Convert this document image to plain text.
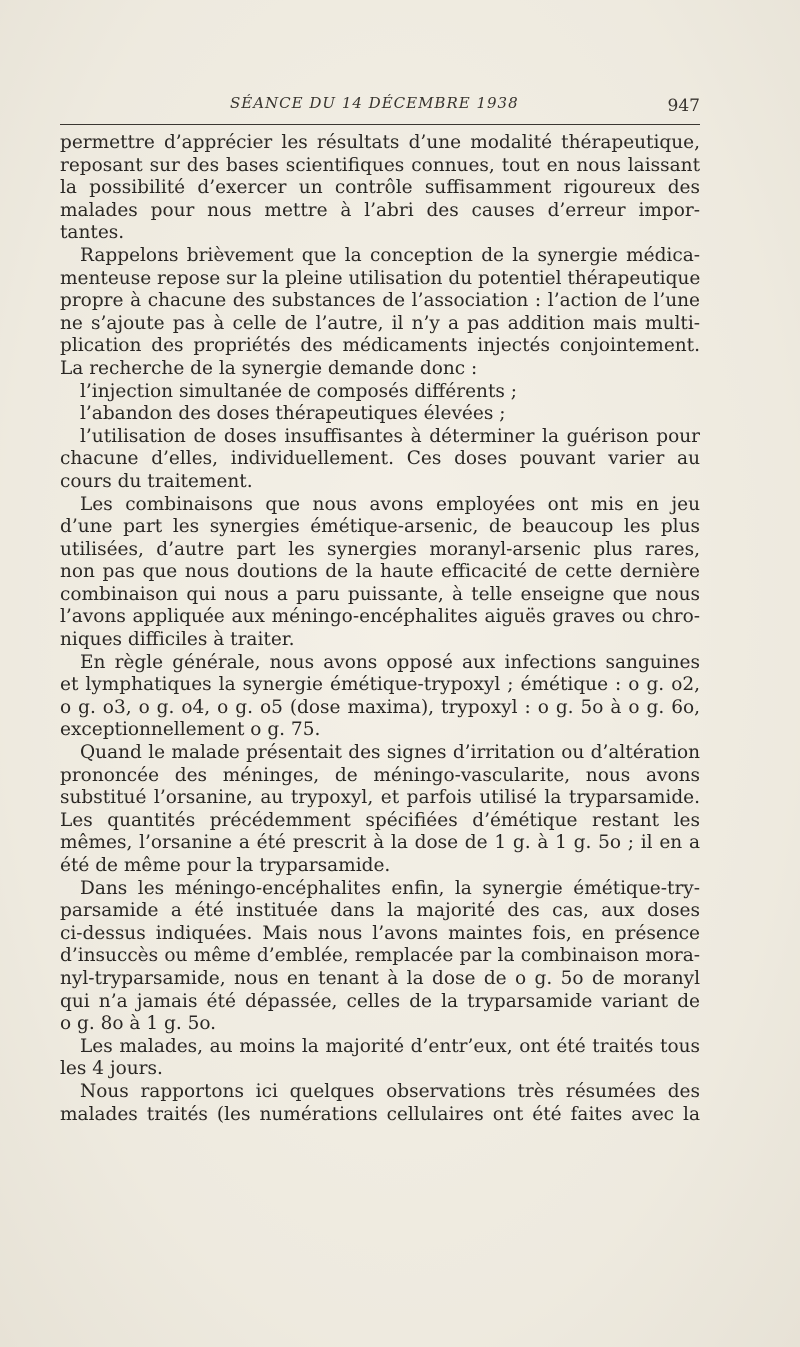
SÉANCE DU 14 DÉCEMBRE 1938	947
permettre d’apprécier les résultats d’une modalité thérapeutique,
reposant sur des bases scientifiques connues, tout en nous laissant
la possibilité d’exercer un contrôle suffisamment rigoureux des
malades pour nous mettre à l’abri des causes d’erreur impor-
tantes.
Rappelons brièvement que la conception de la synergie médica-
menteuse repose sur la pleine utilisation du potentiel thérapeutique
propre à chacune des substances de l’association : l’action de l’une
ne s’ajoute pas à celle de l’autre, il n’y a pas addition mais multi-
plication des propriétés des médicaments injectés conjointement.
La recherche de la synergie demande donc :
l’injection simultanée de composés différents ;
l’abandon des doses thérapeutiques élevées ;
l’utilisation de doses insuffisantes à déterminer la guérison pour
chacune d’elles, individuellement. Ces doses pouvant varier au
cours du traitement.
Les combinaisons que nous avons employées ont mis en jeu
d’une part les synergies émétique-arsenic, de beaucoup les plus
utilisées, d’autre part les synergies moranyl-arsenic plus rares,
non pas que nous doutions de la haute efficacité de cette dernière
combinaison qui nous a paru puissante, à telle enseigne que nous
l’avons appliquée aux méningo-encéphalites aiguës graves ou chro-
niques difficiles à traiter.
En règle générale, nous avons opposé aux infections sanguines
et lymphatiques la synergie émétique-trypoxyl ; émétique : o g. o2,
o g. o3, o g. o4, o g. o5 (dose maxima), trypoxyl : o g. 5o à o g. 6o,
exceptionnellement o g. 75.
Quand le malade présentait des signes d’irritation ou d’altération
prononcée des méninges, de méningo-vascularite, nous avons
substitué l’orsanine, au trypoxyl, et parfois utilisé la tryparsamide.
Les quantités précédemment spécifiées d’émétique restant les
mêmes, l’orsanine a été prescrit à la dose de 1 g. à 1 g. 5o ; il en a
été de même pour la tryparsamide.
Dans les méningo-encéphalites enfin, la synergie émétique-try-
parsamide a été instituée dans la majorité des cas, aux doses
ci-dessus indiquées. Mais nous l’avons maintes fois, en présence
d’insuccès ou même d’emblée, remplacée par la combinaison mora-
nyl-tryparsamide, nous en tenant à la dose de o g. 5o de moranyl
qui n’a jamais été dépassée, celles de la tryparsamide variant de
o g. 8o à 1 g. 5o.
Les malades, au moins la majorité d’entr’eux, ont été traités tous
les 4 jours.
Nous rapportons ici quelques observations très résumées des
malades traités (les numérations cellulaires ont été faites avec la
